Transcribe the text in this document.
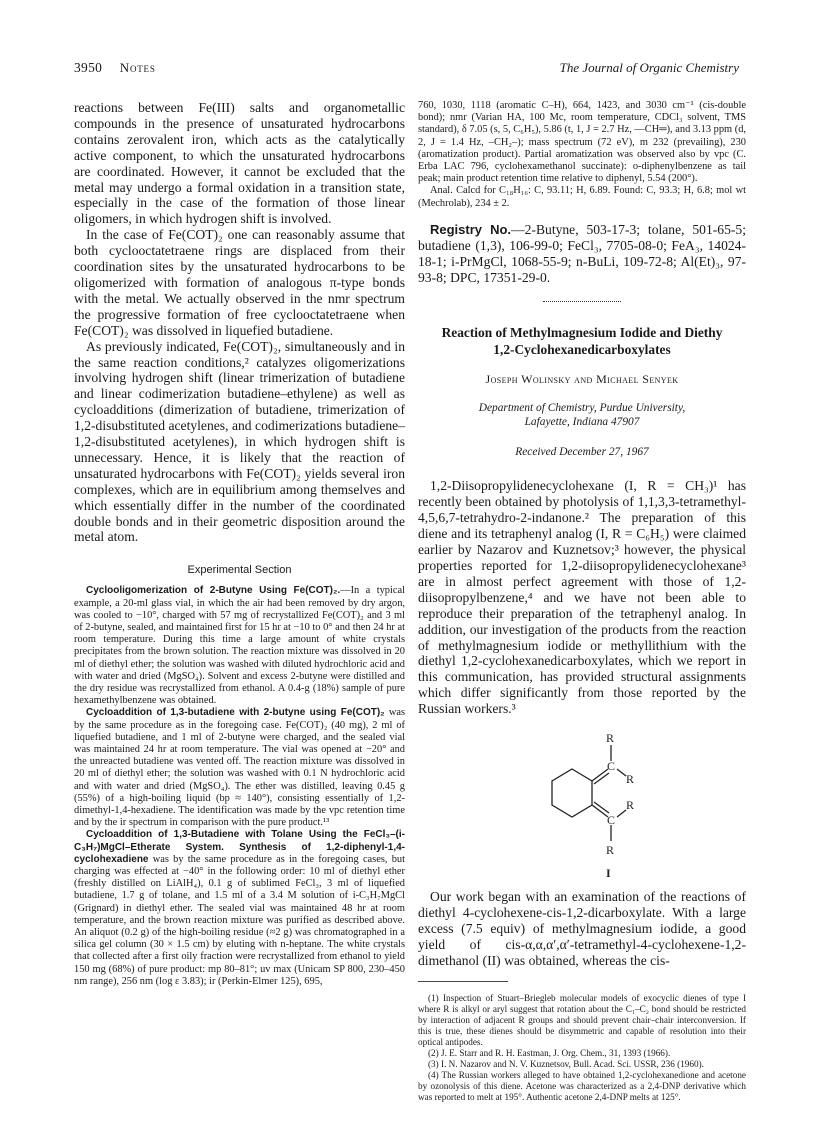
3950 Notes	The Journal of Organic Chemistry

reactions between Fe(III) salts and organometallic compounds in the presence of unsaturated hydrocarbons contains zerovalent iron, which acts as the catalytically active component, to which the unsaturated hydrocarbons are coordinated. However, it cannot be excluded that the metal may undergo a formal oxidation in a transition state, especially in the case of the formation of those linear oligomers, in which hydrogen shift is involved.

In the case of Fe(COT)₂ one can reasonably assume that both cyclooctatetraene rings are displaced from their coordination sites by the unsaturated hydrocarbons to be oligomerized with formation of analogous π-type bonds with the metal. We actually observed in the nmr spectrum the progressive formation of free cyclooctatetraene when Fe(COT)₂ was dissolved in liquefied butadiene.

As previously indicated, Fe(COT)₂, simultaneously and in the same reaction conditions,² catalyzes oligomerizations involving hydrogen shift (linear trimerization of butadiene and linear codimerization butadiene–ethylene) as well as cycloadditions (dimerization of butadiene, trimerization of 1,2-disubstituted acetylenes, and codimerizations butadiene–1,2-disubstituted acetylenes), in which hydrogen shift is unnecessary. Hence, it is likely that the reaction of unsaturated hydrocarbons with Fe(COT)₂ yields several iron complexes, which are in equilibrium among themselves and which essentially differ in the number of the coordinated double bonds and in their geometric disposition around the metal atom.

Experimental Section

Cyclooligomerization of 2-Butyne Using Fe(COT)₂.—In a typical example, a 20-ml glass vial, in which the air had been removed by dry argon, was cooled to −10°, charged with 57 mg of recrystallized Fe(COT)₂ and 3 ml of 2-butyne, sealed, and maintained first for 15 hr at −10 to 0° and then 24 hr at room temperature. During this time a large amount of white crystals precipitates from the brown solution. The reaction mixture was dissolved in 20 ml of diethyl ether; the solution was washed with diluted hydrochloric acid and with water and dried (MgSO₄). Solvent and excess 2-butyne were distilled and the dry residue was recrystallized from ethanol. A 0.4-g (18%) sample of pure hexamethylbenzene was obtained.

Cycloaddition of 1,3-butadiene with 2-butyne using Fe(COT)₂ was by the same procedure as in the foregoing case. Fe(COT)₂ (40 mg), 2 ml of liquefied butadiene, and 1 ml of 2-butyne were charged, and the sealed vial was maintained 24 hr at room temperature. The vial was opened at −20° and the unreacted butadiene was vented off. The reaction mixture was dissolved in 20 ml of diethyl ether; the solution was washed with 0.1 N hydrochloric acid and with water and dried (MgSO₄). The ether was distilled, leaving 0.45 g (55%) of a high-boiling liquid (bp ≈ 140°), consisting essentially of 1,2-dimethyl-1,4-hexadiene. The identification was made by the vpc retention time and by the ir spectrum in comparison with the pure product.¹³

Cycloaddition of 1,3-Butadiene with Tolane Using the FeCl₃–(i-C₃H₇)MgCl–Etherate System. Synthesis of 1,2-diphenyl-1,4-cyclohexadiene was by the same procedure as in the foregoing cases, but charging was effected at −40° in the following order: 10 ml of diethyl ether (freshly distilled on LiAlH₄), 0.1 g of sublimed FeCl₃, 3 ml of liquefied butadiene, 1.7 g of tolane, and 1.5 ml of a 3.4 M solution of i-C₃H₇MgCl (Grignard) in diethyl ether. The sealed vial was maintained 48 hr at room temperature, and the brown reaction mixture was purified as described above. An aliquot (0.2 g) of the high-boiling residue (≈2 g) was chromatographed in a silica gel column (30 × 1.5 cm) by eluting with n-heptane. The white crystals that collected after a first oily fraction were recrystallized from ethanol to yield 150 mg (68%) of pure product: mp 80–81°; uv max (Unicam SP 800, 230–450 nm range), 256 nm (log ε 3.83); ir (Perkin-Elmer 125), 695,

760, 1030, 1118 (aromatic C–H), 664, 1423, and 3030 cm⁻¹ (cis-double bond); nmr (Varian HA, 100 Mc, room temperature, CDCl₃ solvent, TMS standard), δ 7.05 (s, 5, C₆H₅), 5.86 (t, 1, J = 2.7 Hz, —CH═), and 3.13 ppm (d, 2, J = 1.4 Hz, –CH₂–); mass spectrum (72 eV), m 232 (prevailing), 230 (aromatization product). Partial aromatization was observed also by vpc (C. Erba LAC 796, cyclohexamethanol succinate): o-diphenylbenzene as tail peak; main product retention time relative to diphenyl, 5.54 (200°).

Anal. Calcd for C₁₈H₁₆: C, 93.11; H, 6.89. Found: C, 93.3; H, 6.8; mol wt (Mechrolab), 234 ± 2.

Registry No.—2-Butyne, 503-17-3; tolane, 501-65-5; butadiene (1,3), 106-99-0; FeCl₃, 7705-08-0; FeA₃, 14024-18-1; i-PrMgCl, 1068-55-9; n-BuLi, 109-72-8; Al(Et)₃, 97-93-8; DPC, 17351-29-0.

Reaction of Methylmagnesium Iodide and Diethy
1,2-Cyclohexanedicarboxylates
Joseph Wolinsky and Michael Senyek
Department of Chemistry, Purdue University,
Lafayette, Indiana 47907
Received December 27, 1967

1,2-Diisopropylidenecyclohexane (I, R = CH₃)¹ has recently been obtained by photolysis of 1,1,3,3-tetramethyl-4,5,6,7-tetrahydro-2-indanone.² The preparation of this diene and its tetraphenyl analog (I, R = C₆H₅) were claimed earlier by Nazarov and Kuznetsov;³ however, the physical properties reported for 1,2-diisopropylidenecyclohexane³ are in almost perfect agreement with those of 1,2-diisopropylbenzene,⁴ and we have not been able to reproduce their preparation of the tetraphenyl analog. In addition, our investigation of the products from the reaction of methylmagnesium iodide or methyllithium with the diethyl 1,2-cyclohexanedicarboxylates, which we report in this communication, has provided structural assignments which differ significantly from those reported by the Russian workers.³

R
C
R
R
C
R
I

Our work began with an examination of the reactions of diethyl 4-cyclohexene-cis-1,2-dicarboxylate. With a large excess (7.5 equiv) of methylmagnesium iodide, a good yield of cis-α,α,α′,α′-tetramethyl-4-cyclohexene-1,2-dimethanol (II) was obtained, whereas the cis-

(1) Inspection of Stuart–Briegleb molecular models of exocyclic dienes of type I where R is alkyl or aryl suggest that rotation about the C₁–C₂ bond should be restricted by interaction of adjacent R groups and should prevent chair–chair interconversion. If this is true, these dienes should be disymmetric and capable of resolution into their optical antipodes.

(2) J. E. Starr and R. H. Eastman, J. Org. Chem., 31, 1393 (1966).

(3) I. N. Nazarov and N. V. Kuznetsov, Bull. Acad. Sci. USSR, 236 (1960).

(4) The Russian workers alleged to have obtained 1,2-cyclohexanedione and acetone by ozonolysis of this diene. Acetone was characterized as a 2,4-DNP derivative which was reported to melt at 195°. Authentic acetone 2,4-DNP melts at 125°.
